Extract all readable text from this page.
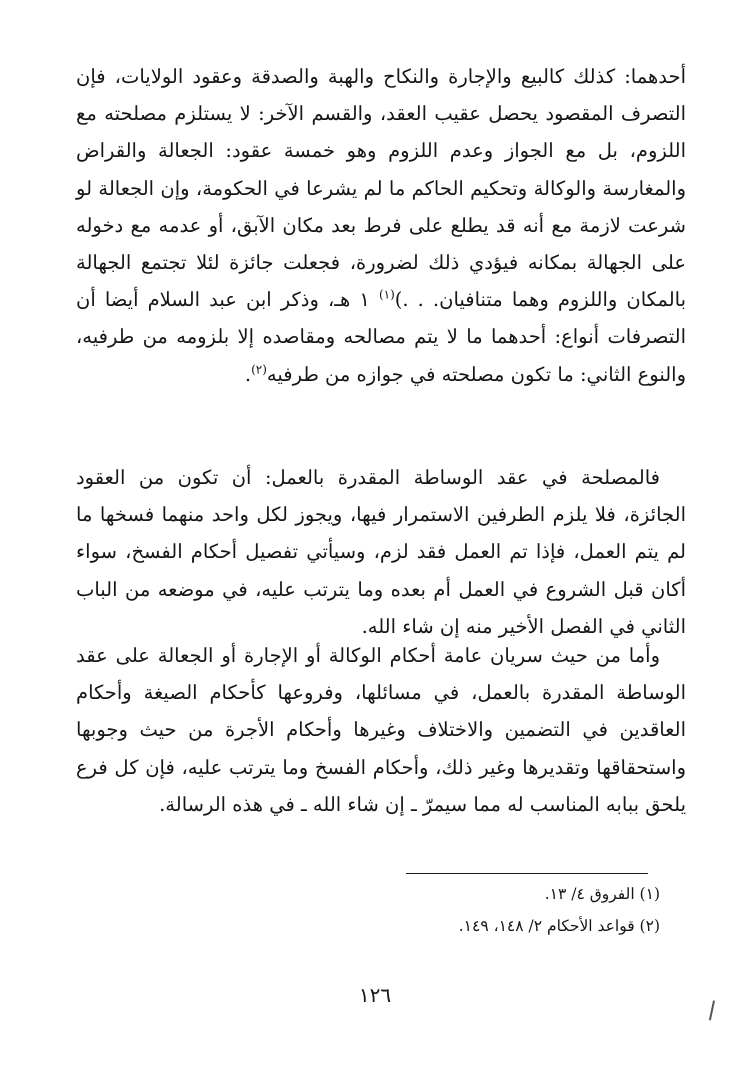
أحدهما: كذلك كالبيع والإجارة والنكاح والهبة والصدقة وعقود الولايات، فإن التصرف المقصود يحصل عقيب العقد، والقسم الآخر: لا يستلزم مصلحته مع اللزوم، بل مع الجواز وعدم اللزوم وهو خمسة عقود: الجعالة والقراض والمغارسة والوكالة وتحكيم الحاكم ما لم يشرعا في الحكومة، وإن الجعالة لو شرعت لازمة مع أنه قد يطلع على فرط بعد مكان الآبق، أو عدمه مع دخوله على الجهالة بمكانه فيؤدي ذلك لضرورة، فجعلت جائزة لئلا تجتمع الجهالة بالمكان واللزوم وهما متنافيان. . .)$^{(١)}$ ١ هـ، وذكر ابن عبد السلام أيضا أن التصرفات أنواع: أحدهما ما لا يتم مصالحه ومقاصده إلا بلزومه من طرفيه، والنوع الثاني: ما تكون مصلحته في جوازه من طرفيه$^{(٢)}$.

فالمصلحة في عقد الوساطة المقدرة بالعمل: أن تكون من العقود الجائزة، فلا يلزم الطرفين الاستمرار فيها، ويجوز لكل واحد منهما فسخها ما لم يتم العمل، فإذا تم العمل فقد لزم، وسيأتي تفصيل أحكام الفسخ، سواء أكان قبل الشروع في العمل أم بعده وما يترتب عليه، في موضعه من الباب الثاني في الفصل الأخير منه إن شاء الله.

وأما من حيث سريان عامة أحكام الوكالة أو الإجارة أو الجعالة على عقد الوساطة المقدرة بالعمل، في مسائلها، وفروعها كأحكام الصيغة وأحكام العاقدين في التضمين والاختلاف وغيرها وأحكام الأجرة من حيث وجوبها واستحقاقها وتقديرها وغير ذلك، وأحكام الفسخ وما يترتب عليه، فإن كل فرع يلحق ببابه المناسب له مما سيمرّ ـ إن شاء الله ـ في هذه الرسالة.

(١) الفروق ٤/ ١٣.

(٢) قواعد الأحكام ٢/ ١٤٨، ١٤٩.

١٢٦
